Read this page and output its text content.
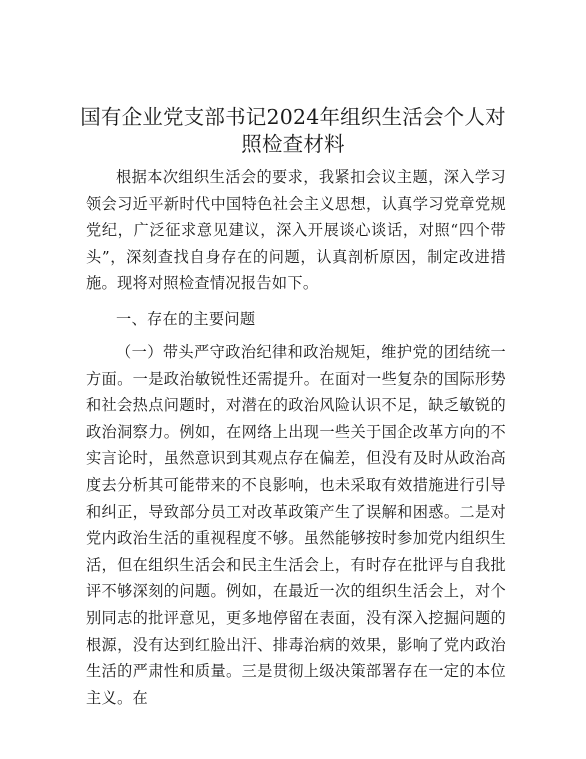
国有企业党支部书记2024年组织生活会个人对
照检查材料

根据本次组织生活会的要求，我紧扣会议主题，深入学习领会习近平新时代中国特色社会主义思想，认真学习党章党规党纪，广泛征求意见建议，深入开展谈心谈话，对照“四个带头”，深刻查找自身存在的问题，认真剖析原因，制定改进措施。现将对照检查情况报告如下。

一、存在的主要问题

（一）带头严守政治纪律和政治规矩，维护党的团结统一方面。一是政治敏锐性还需提升。在面对一些复杂的国际形势和社会热点问题时，对潜在的政治风险认识不足，缺乏敏锐的政治洞察力。例如，在网络上出现一些关于国企改革方向的不实言论时，虽然意识到其观点存在偏差，但没有及时从政治高度去分析其可能带来的不良影响，也未采取有效措施进行引导和纠正，导致部分员工对改革政策产生了误解和困惑。二是对党内政治生活的重视程度不够。虽然能够按时参加党内组织生活，但在组织生活会和民主生活会上，有时存在批评与自我批评不够深刻的问题。例如，在最近一次的组织生活会上，对个别同志的批评意见，更多地停留在表面，没有深入挖掘问题的根源，没有达到红脸出汗、排毒治病的效果，影响了党内政治生活的严肃性和质量。三是贯彻上级决策部署存在一定的本位主义。在
